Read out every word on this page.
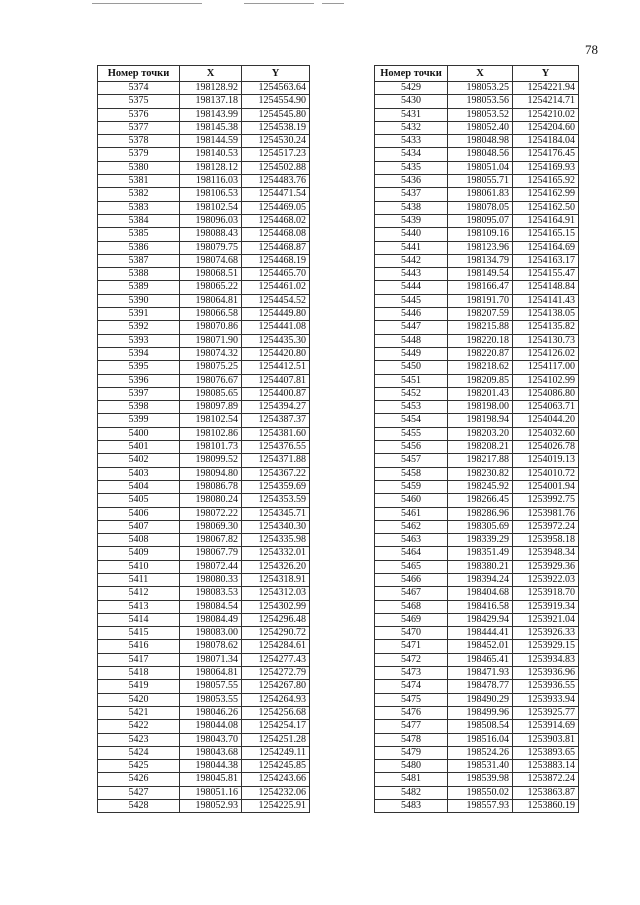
78
Номер точки	X	Y
5374	198128.92	1254563.64
5375	198137.18	1254554.90
5376	198143.99	1254545.80
5377	198145.38	1254538.19
5378	198144.59	1254530.24
5379	198140.53	1254517.23
5380	198128.12	1254502.88
5381	198116.03	1254483.76
5382	198106.53	1254471.54
5383	198102.54	1254469.05
5384	198096.03	1254468.02
5385	198088.43	1254468.08
5386	198079.75	1254468.87
5387	198074.68	1254468.19
5388	198068.51	1254465.70
5389	198065.22	1254461.02
5390	198064.81	1254454.52
5391	198066.58	1254449.80
5392	198070.86	1254441.08
5393	198071.90	1254435.30
5394	198074.32	1254420.80
5395	198075.25	1254412.51
5396	198076.67	1254407.81
5397	198085.65	1254400.87
5398	198097.89	1254394.27
5399	198102.54	1254387.37
5400	198102.86	1254381.60
5401	198101.73	1254376.55
5402	198099.52	1254371.88
5403	198094.80	1254367.22
5404	198086.78	1254359.69
5405	198080.24	1254353.59
5406	198072.22	1254345.71
5407	198069.30	1254340.30
5408	198067.82	1254335.98
5409	198067.79	1254332.01
5410	198072.44	1254326.20
5411	198080.33	1254318.91
5412	198083.53	1254312.03
5413	198084.54	1254302.99
5414	198084.49	1254296.48
5415	198083.00	1254290.72
5416	198078.62	1254284.61
5417	198071.34	1254277.43
5418	198064.81	1254272.79
5419	198057.55	1254267.80
5420	198053.55	1254264.93
5421	198046.26	1254256.68
5422	198044.08	1254254.17
5423	198043.70	1254251.28
5424	198043.68	1254249.11
5425	198044.38	1254245.85
5426	198045.81	1254243.66
5427	198051.16	1254232.06
5428	198052.93	1254225.91
Номер точки	X	Y
5429	198053.25	1254221.94
5430	198053.56	1254214.71
5431	198053.52	1254210.02
5432	198052.40	1254204.60
5433	198048.98	1254184.04
5434	198048.56	1254176.45
5435	198051.04	1254169.93
5436	198055.71	1254165.92
5437	198061.83	1254162.99
5438	198078.05	1254162.50
5439	198095.07	1254164.91
5440	198109.16	1254165.15
5441	198123.96	1254164.69
5442	198134.79	1254163.17
5443	198149.54	1254155.47
5444	198166.47	1254148.84
5445	198191.70	1254141.43
5446	198207.59	1254138.05
5447	198215.88	1254135.82
5448	198220.18	1254130.73
5449	198220.87	1254126.02
5450	198218.62	1254117.00
5451	198209.85	1254102.99
5452	198201.43	1254086.80
5453	198198.00	1254063.71
5454	198198.94	1254044.20
5455	198203.20	1254032.60
5456	198208.21	1254026.78
5457	198217.88	1254019.13
5458	198230.82	1254010.72
5459	198245.92	1254001.94
5460	198266.45	1253992.75
5461	198286.96	1253981.76
5462	198305.69	1253972.24
5463	198339.29	1253958.18
5464	198351.49	1253948.34
5465	198380.21	1253929.36
5466	198394.24	1253922.03
5467	198404.68	1253918.70
5468	198416.58	1253919.34
5469	198429.94	1253921.04
5470	198444.41	1253926.33
5471	198452.01	1253929.15
5472	198465.41	1253934.83
5473	198471.93	1253936.96
5474	198478.77	1253936.55
5475	198490.29	1253933.94
5476	198499.96	1253925.77
5477	198508.54	1253914.69
5478	198516.04	1253903.81
5479	198524.26	1253893.65
5480	198531.40	1253883.14
5481	198539.98	1253872.24
5482	198550.02	1253863.87
5483	198557.93	1253860.19
